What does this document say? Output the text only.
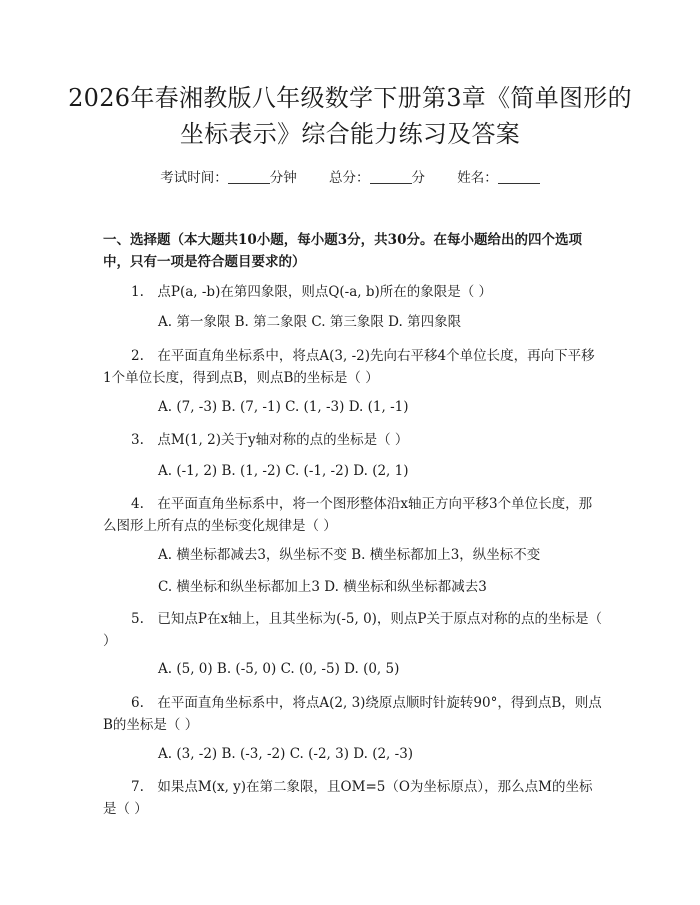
2026年春湘教版八年级数学下册第3章《简单图形的坐标表示》综合能力练习及答案
考试时间：	分钟 总分：	分 姓名：
一、选择题（本大题共10小题，每小题3分，共30分。在每小题给出的四个选项中，只有一项是符合题目要求的）
1.　点P(a, -b)在第四象限，则点Q(-a, b)所在的象限是（ ）
A. 第一象限 B. 第二象限 C. 第三象限 D. 第四象限
2.　在平面直角坐标系中，将点A(3, -2)先向右平移4个单位长度，再向下平移1个单位长度，得到点B，则点B的坐标是（ ）
A. (7, -3) B. (7, -1) C. (1, -3) D. (1, -1)
3.　点M(1, 2)关于y轴对称的点的坐标是（ ）
A. (-1, 2) B. (1, -2) C. (-1, -2) D. (2, 1)
4.　在平面直角坐标系中，将一个图形整体沿x轴正方向平移3个单位长度，那么图形上所有点的坐标变化规律是（ ）
A. 横坐标都减去3，纵坐标不变 B. 横坐标都加上3，纵坐标不变
C. 横坐标和纵坐标都加上3 D. 横坐标和纵坐标都减去3
5.　已知点P在x轴上，且其坐标为(-5, 0)，则点P关于原点对称的点的坐标是（ ）
A. (5, 0) B. (-5, 0) C. (0, -5) D. (0, 5)
6.　在平面直角坐标系中，将点A(2, 3)绕原点顺时针旋转90°，得到点B，则点B的坐标是（ ）
A. (3, -2) B. (-3, -2) C. (-2, 3) D. (2, -3)
7.　如果点M(x, y)在第二象限，且OM=5（O为坐标原点），那么点M的坐标是（ ）
